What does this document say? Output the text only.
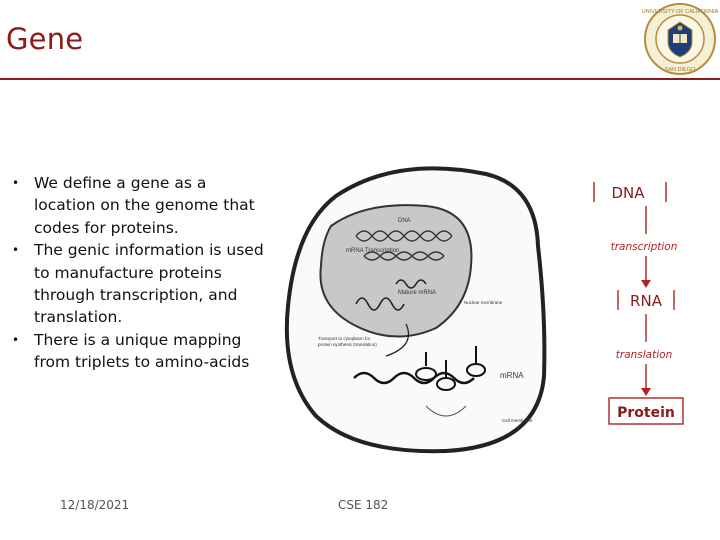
Gene
UNIVERSITY OF CALIFORNIA
SAN DIEGO
• We define a gene as a location on the genome that codes for proteins.
• The genic information is used to manufacture proteins through transcription, and translation.
• There is a unique mapping from triplets to amino-acids
DNA
mRNA Transcription
Mature mRNA
Nuclear membrane
Transport to cytoplasm for
protein synthesis (translation)
mRNA
Cell membrane
DNA
transcription
RNA
translation
Protein
12/18/2021	CSE 182
